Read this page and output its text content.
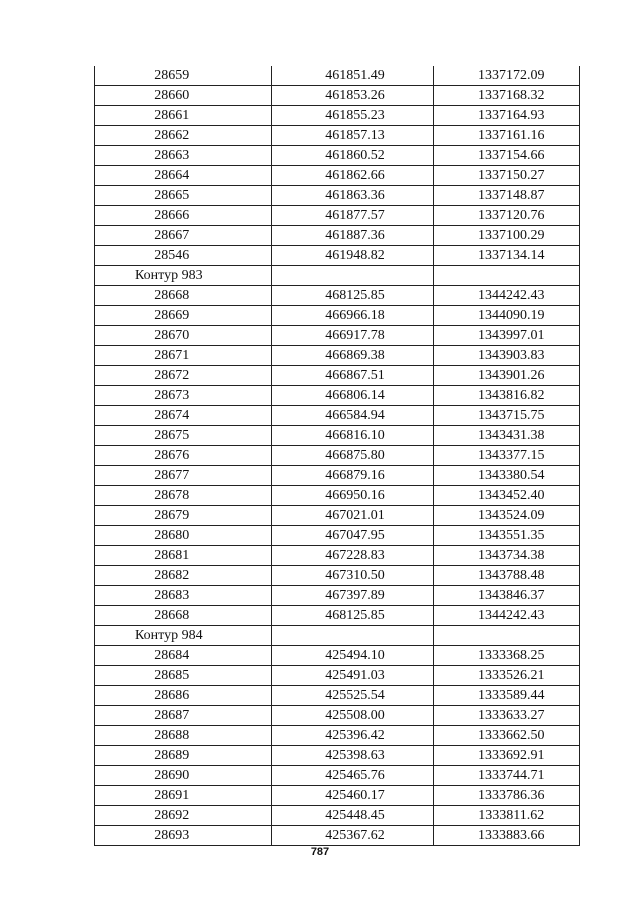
28659	461851.49	1337172.09
28660	461853.26	1337168.32
28661	461855.23	1337164.93
28662	461857.13	1337161.16
28663	461860.52	1337154.66
28664	461862.66	1337150.27
28665	461863.36	1337148.87
28666	461877.57	1337120.76
28667	461887.36	1337100.29
28546	461948.82	1337134.14
Контур 983		
28668	468125.85	1344242.43
28669	466966.18	1344090.19
28670	466917.78	1343997.01
28671	466869.38	1343903.83
28672	466867.51	1343901.26
28673	466806.14	1343816.82
28674	466584.94	1343715.75
28675	466816.10	1343431.38
28676	466875.80	1343377.15
28677	466879.16	1343380.54
28678	466950.16	1343452.40
28679	467021.01	1343524.09
28680	467047.95	1343551.35
28681	467228.83	1343734.38
28682	467310.50	1343788.48
28683	467397.89	1343846.37
28668	468125.85	1344242.43
Контур 984		
28684	425494.10	1333368.25
28685	425491.03	1333526.21
28686	425525.54	1333589.44
28687	425508.00	1333633.27
28688	425396.42	1333662.50
28689	425398.63	1333692.91
28690	425465.76	1333744.71
28691	425460.17	1333786.36
28692	425448.45	1333811.62
28693	425367.62	1333883.66
787
